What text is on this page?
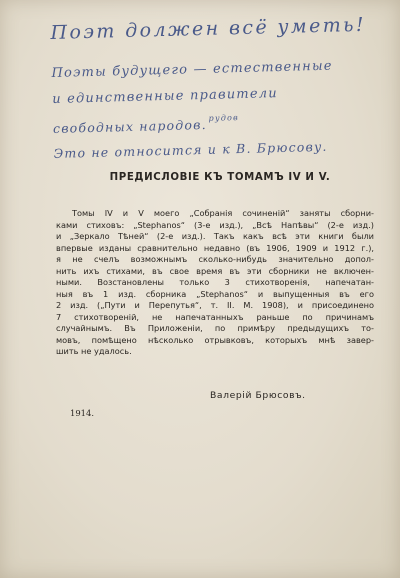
Поэт должен всё уметь!
Поэты будущего — естественные
и единственные правители
свободных народов. $^{рудов}$
Это не относится и к В. Брюсову.
ПРЕДИСЛОВІЕ КЪ ТОМАМЪ IV И V.

Томы IV и V моего „Собранія сочиненій“ заняты сборни-
ками стиховъ: „Stephanos“ (3-е изд.), „Всѣ Напѣвы“ (2-е изд.)
и „Зеркало Тѣней“ (2-е изд.). Такъ какъ всѣ эти книги были
впервые изданы сравнительно недавно (въ 1906, 1909 и 1912 г.),
я не счелъ возможнымъ сколько-нибудь значительно допол-
нить ихъ стихами, въ свое время въ эти сборники не включен-
ными. Возстановлены только 3 стихотворенія, напечатан-
ныя въ 1 изд. сборника „Stephanos“ и выпущенныя въ его
2 изд. („Пути и Перепутья“, т. II. М. 1908), и присоединено
7 стихотвореній, не напечатанныхъ раньше по причинамъ
случайнымъ. Въ Приложеніи, по примѣру предыдущихъ то-
мовъ, помѣщено нѣсколько отрывковъ, которыхъ мнѣ завер-
шить не удалось.

Валерій Брюсовъ.

1914.
